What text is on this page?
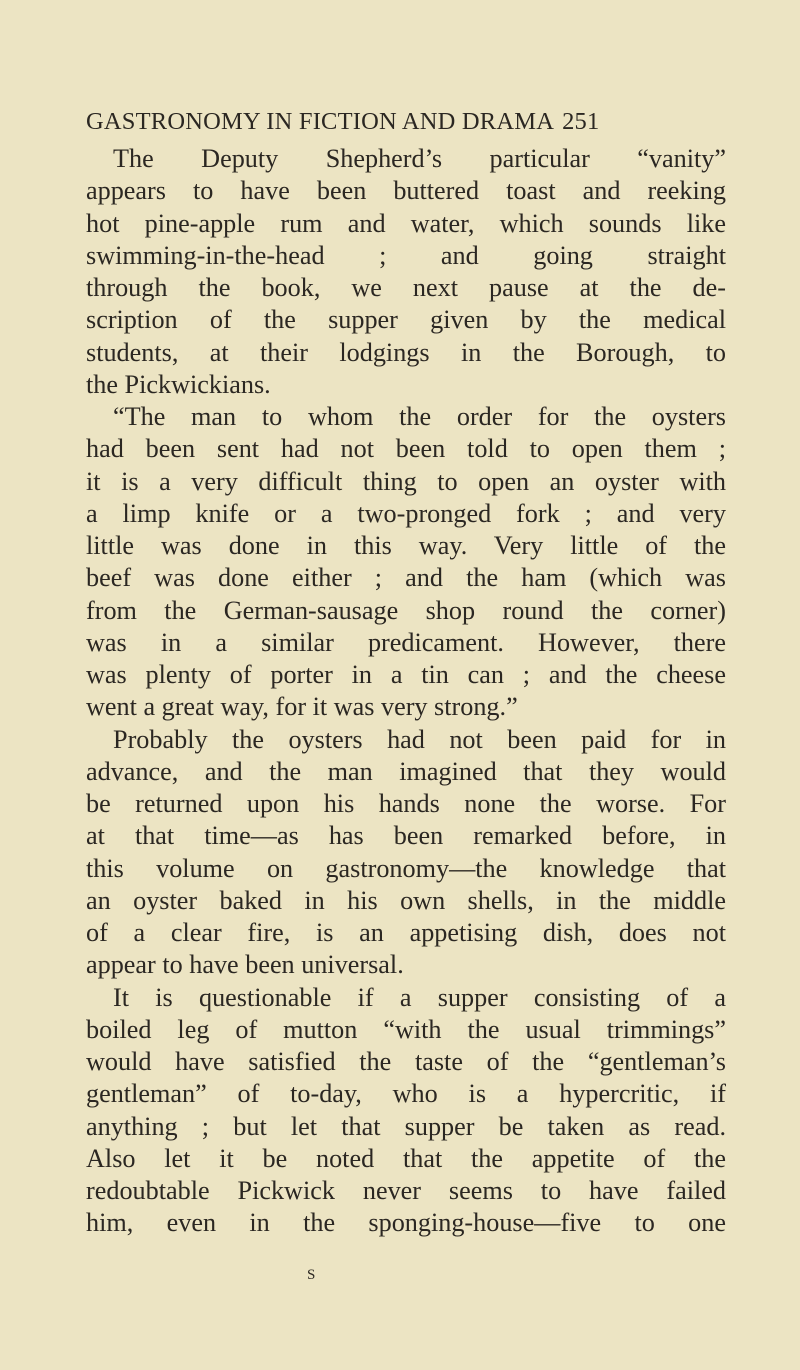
GASTRONOMY IN FICTION AND DRAMA 251
The Deputy Shepherd’s particular “vanity”
appears to have been buttered toast and reeking
hot pine-apple rum and water, which sounds like
swimming-in-the-head ; and going straight
through the book, we next pause at the de-
scription of the supper given by the medical
students, at their lodgings in the Borough, to
the Pickwickians.
“The man to whom the order for the oysters
had been sent had not been told to open them ;
it is a very difficult thing to open an oyster with
a limp knife or a two-pronged fork ; and very
little was done in this way. Very little of the
beef was done either ; and the ham (which was
from the German-sausage shop round the corner)
was in a similar predicament. However, there
was plenty of porter in a tin can ; and the cheese
went a great way, for it was very strong.”
Probably the oysters had not been paid for in
advance, and the man imagined that they would
be returned upon his hands none the worse. For
at that time—as has been remarked before, in
this volume on gastronomy—the knowledge that
an oyster baked in his own shells, in the middle
of a clear fire, is an appetising dish, does not
appear to have been universal.
It is questionable if a supper consisting of a
boiled leg of mutton “with the usual trimmings”
would have satisfied the taste of the “gentleman’s
gentleman” of to-day, who is a hypercritic, if
anything ; but let that supper be taken as read.
Also let it be noted that the appetite of the
redoubtable Pickwick never seems to have failed
him, even in the sponging-house—five to one
S
